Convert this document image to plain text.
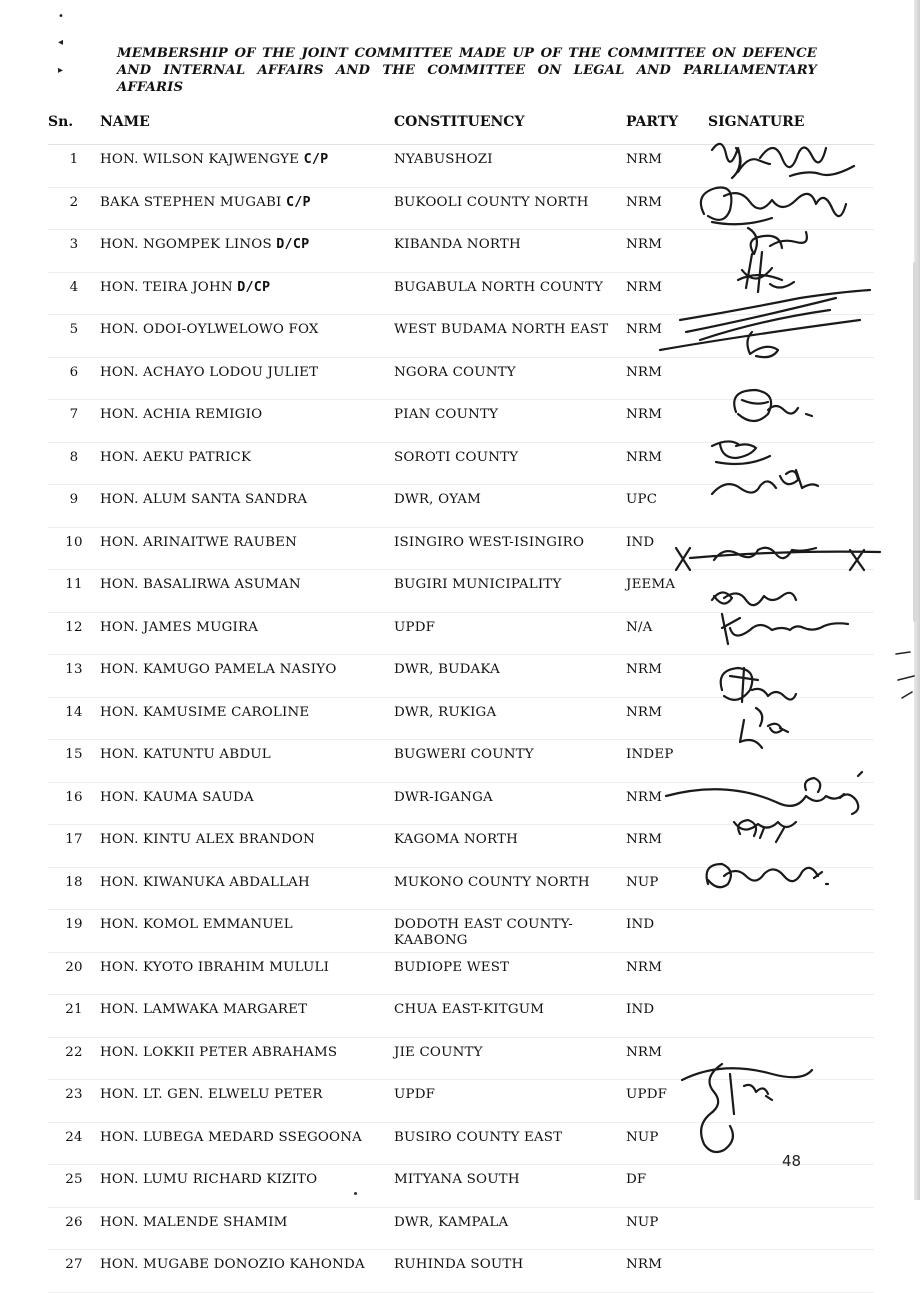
•
◂
▸

MEMBERSHIP OF THE JOINT COMMITTEE MADE UP OF THE COMMITTEE ON DEFENCE AND INTERNAL AFFAIRS AND THE COMMITTEE ON LEGAL AND PARLIAMENTARY AFFARIS

Sn.	NAME	CONSTITUENCY	PARTY	SIGNATURE
1	HON. WILSON KAJWENGYE C/P	NYABUSHOZI	NRM	
2	BAKA STEPHEN MUGABI C/P	BUKOOLI COUNTY NORTH	NRM	
3	HON. NGOMPEK LINOS D/CP	KIBANDA NORTH	NRM	
4	HON. TEIRA JOHN D/CP	BUGABULA NORTH COUNTY	NRM	
5	HON. ODOI-OYLWELOWO FOX	WEST BUDAMA NORTH EAST	NRM	
6	HON. ACHAYO LODOU JULIET	NGORA COUNTY	NRM	
7	HON. ACHIA REMIGIO	PIAN COUNTY	NRM	
8	HON. AEKU PATRICK	SOROTI COUNTY	NRM	
9	HON. ALUM SANTA SANDRA	DWR, OYAM	UPC	
10	HON. ARINAITWE RAUBEN	ISINGIRO WEST-ISINGIRO	IND	
11	HON. BASALIRWA ASUMAN	BUGIRI MUNICIPALITY	JEEMA	
12	HON. JAMES MUGIRA	UPDF	N/A	
13	HON. KAMUGO PAMELA NASIYO	DWR, BUDAKA	NRM	
14	HON. KAMUSIME CAROLINE	DWR, RUKIGA	NRM	
15	HON. KATUNTU ABDUL	BUGWERI COUNTY	INDEP	
16	HON. KAUMA SAUDA	DWR-IGANGA	NRM	
17	HON. KINTU ALEX BRANDON	KAGOMA NORTH	NRM	
18	HON. KIWANUKA ABDALLAH	MUKONO COUNTY NORTH	NUP	
19	HON. KOMOL EMMANUEL	DODOTH EAST COUNTY-KAABONG	IND	
20	HON. KYOTO IBRAHIM MULULI	BUDIOPE WEST	NRM	
21	HON. LAMWAKA MARGARET	CHUA EAST-KITGUM	IND	
22	HON. LOKKII PETER ABRAHAMS	JIE COUNTY	NRM	
23	HON. LT. GEN. ELWELU PETER	UPDF	UPDF	
24	HON. LUBEGA MEDARD SSEGOONA	BUSIRO COUNTY EAST	NUP	
25	HON. LUMU RICHARD KIZITO	MITYANA SOUTH	DF	
26	HON. MALENDE SHAMIM	DWR, KAMPALA	NUP	
27	HON. MUGABE DONOZIO KAHONDA	RUHINDA SOUTH	NRM	
48
